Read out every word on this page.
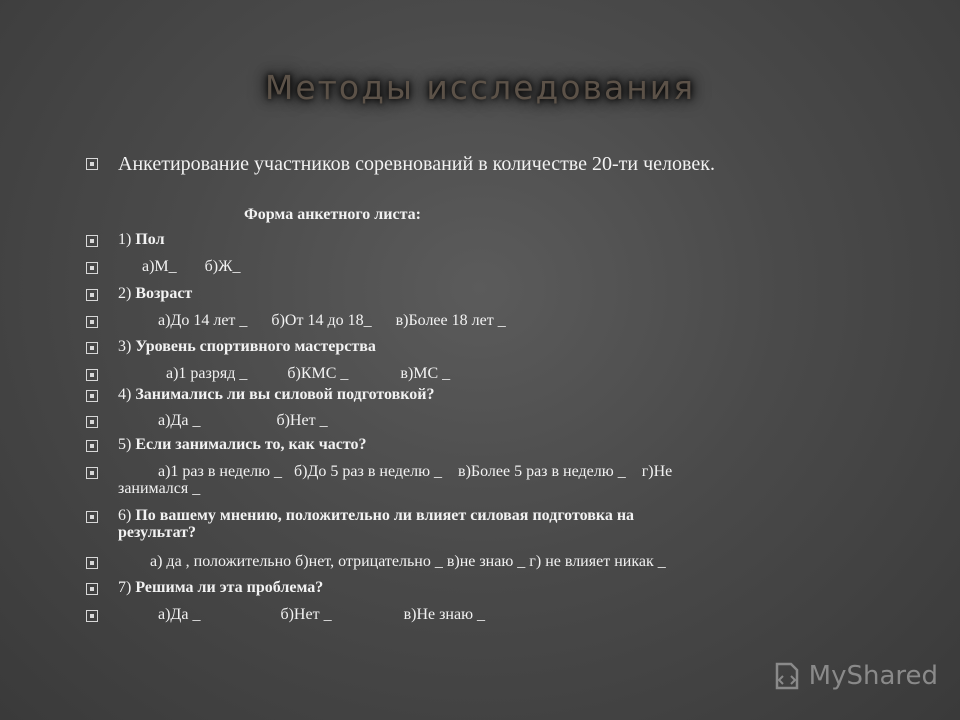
Методы исследования
Анкетирование участников соревнований в количестве 20-ти человек.
1) Пол
а)М_       б)Ж_
2) Возраст
а)До 14 лет _      б)От 14 до 18_      в)Более 18 лет _
3) Уровень спортивного мастерства
а)1 разряд _          б)КМС _             в)МС _
4) Занимались ли вы силовой подготовкой?
а)Да _                   б)Нет _
5) Если занимались то, как часто?
а)1 раз в неделю _   б)До 5 раз в неделю _    в)Более 5 раз в неделю _    г)Не
занимался _
6) По вашему мнению, положительно ли влияет силовая подготовка на
результат?
а) да , положительно б)нет, отрицательно _ в)не знаю _ г) не влияет никак _
7) Решима ли эта проблема?
а)Да _                    б)Нет _                  в)Не знаю _
Форма анкетного листа:
MyShared
